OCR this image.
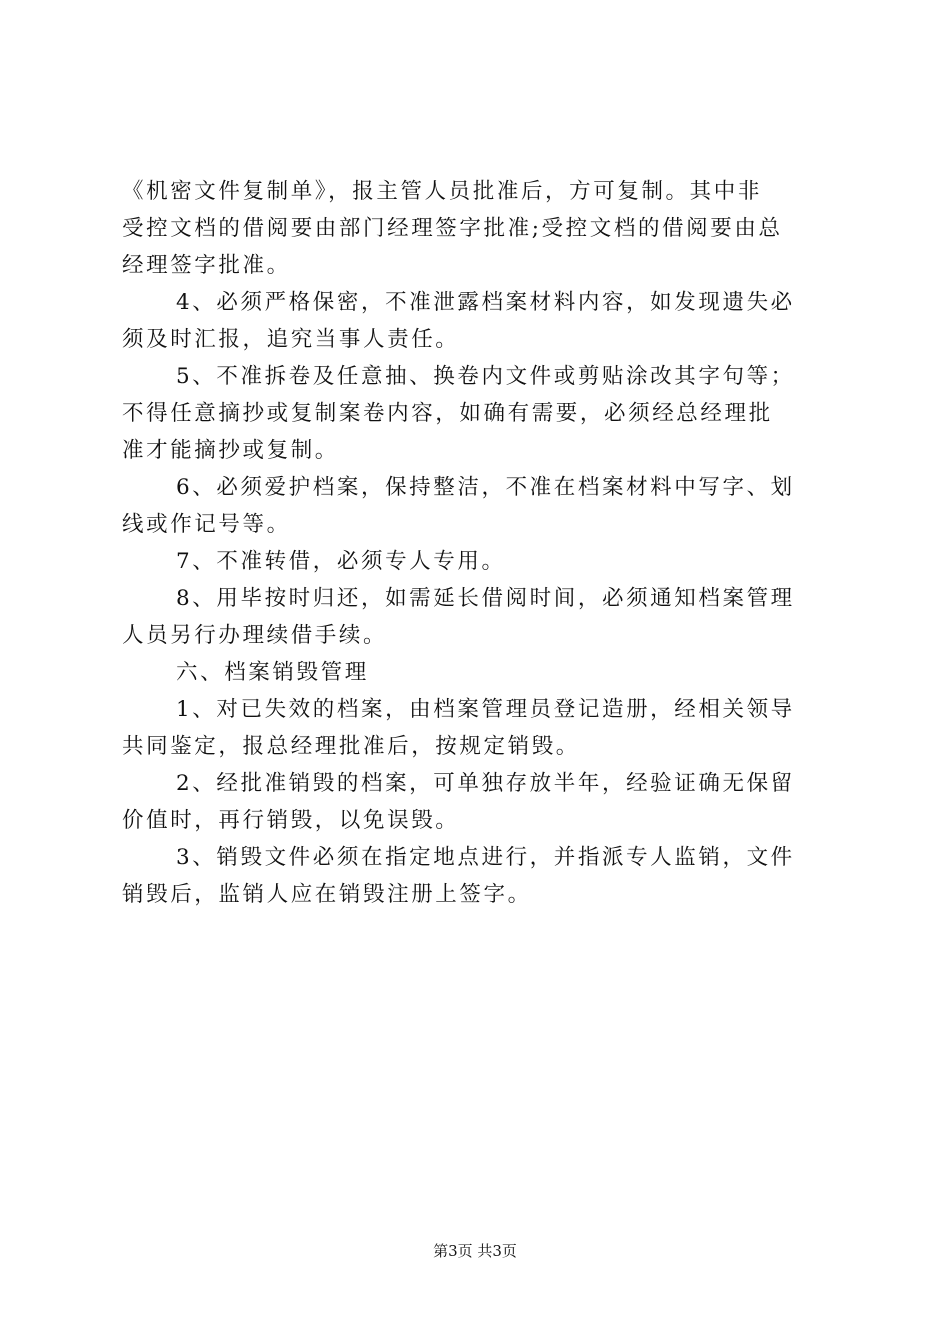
《机密文件复制单》，报主管人员批准后，方可复制。其中非
受控文档的借阅要由部门经理签字批准;受控文档的借阅要由总
经理签字批准。
4、必须严格保密，不准泄露档案材料内容，如发现遗失必
须及时汇报，追究当事人责任。
5、不准拆卷及任意抽、换卷内文件或剪贴涂改其字句等；
不得任意摘抄或复制案卷内容，如确有需要，必须经总经理批
准才能摘抄或复制。
6、必须爱护档案，保持整洁，不准在档案材料中写字、划
线或作记号等。
7、不准转借，必须专人专用。
8、用毕按时归还，如需延长借阅时间，必须通知档案管理
人员另行办理续借手续。
六、档案销毁管理
1、对已失效的档案，由档案管理员登记造册，经相关领导
共同鉴定，报总经理批准后，按规定销毁。
2、经批准销毁的档案，可单独存放半年，经验证确无保留
价值时，再行销毁，以免误毁。
3、销毁文件必须在指定地点进行，并指派专人监销，文件
销毁后，监销人应在销毁注册上签字。
第3页 共3页
